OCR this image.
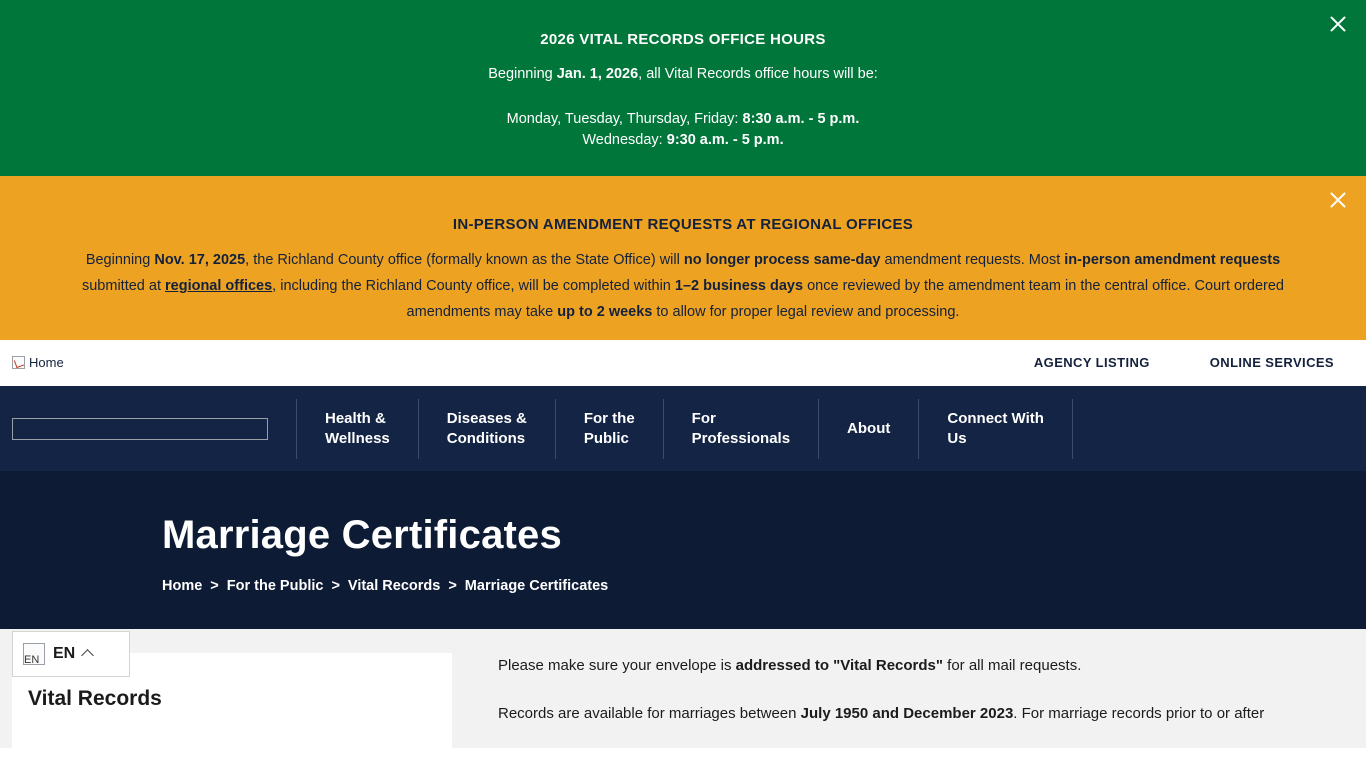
2026 VITAL RECORDS OFFICE HOURS
Beginning Jan. 1, 2026, all Vital Records office hours will be:
Monday, Tuesday, Thursday, Friday: 8:30 a.m. - 5 p.m.
Wednesday: 9:30 a.m. - 5 p.m.
IN-PERSON AMENDMENT REQUESTS AT REGIONAL OFFICES
Beginning Nov. 17, 2025, the Richland County office (formally known as the State Office) will no longer process same-day amendment requests. Most in-person amendment requests submitted at regional offices, including the Richland County office, will be completed within 1–2 business days once reviewed by the amendment team in the central office. Court ordered amendments may take up to 2 weeks to allow for proper legal review and processing.
Home	AGENCY LISTING	ONLINE SERVICES
Health &
Wellness
Diseases &
Conditions
For the
Public
For
Professionals
About
Connect With
Us
Marriage Certificates
Home > For the Public > Vital Records > Marriage Certificates
EN EN
Vital Records

Please make sure your envelope is addressed to "Vital Records" for all mail requests.

Records are available for marriages between July 1950 and December 2023. For marriage records prior to or after
